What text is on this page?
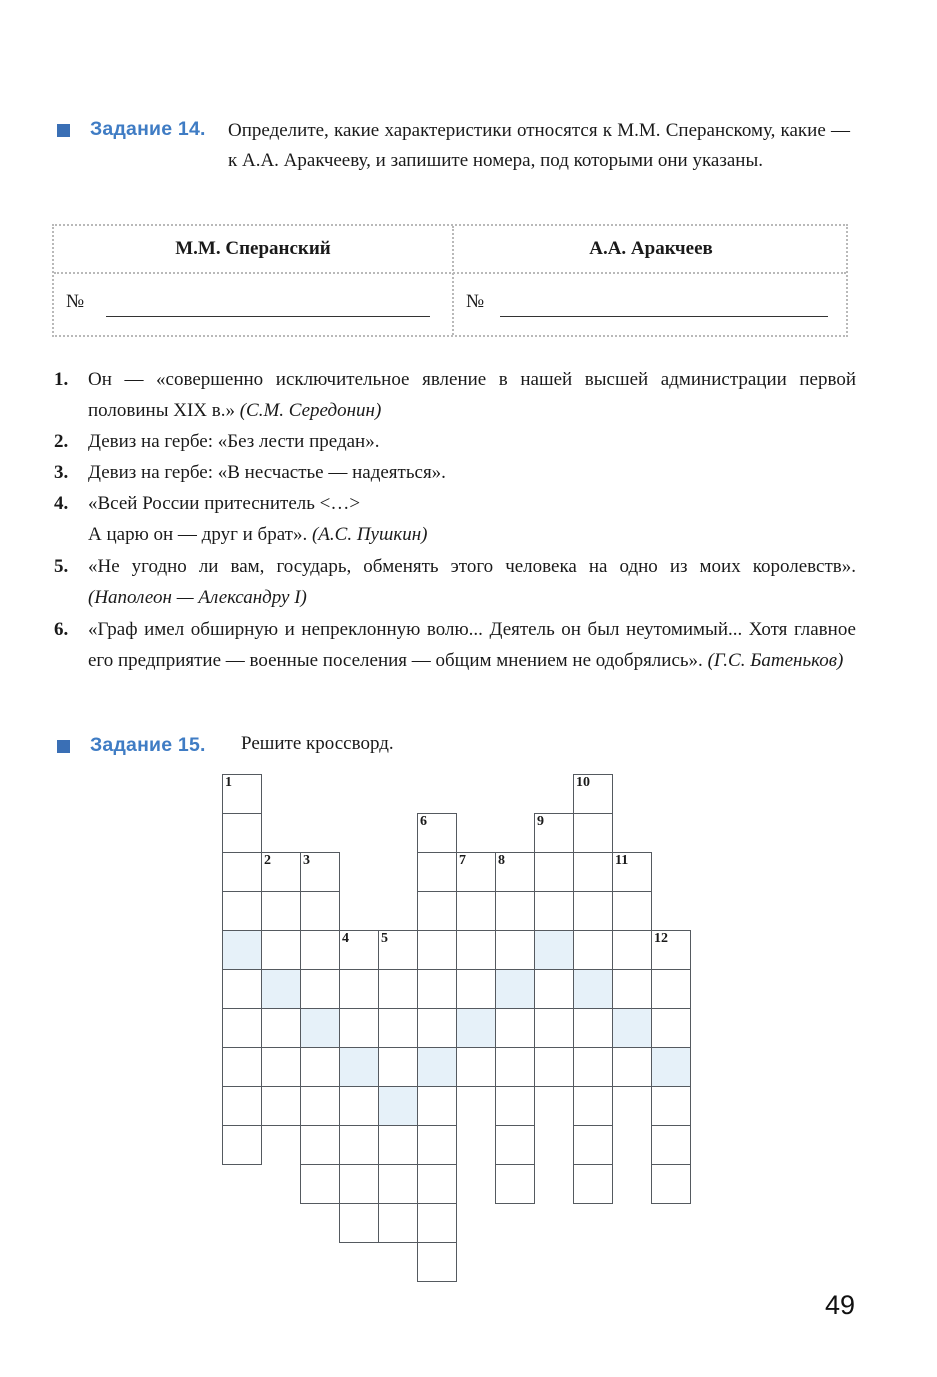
Задание 14. Определите, какие характеристики относятся к М.М. Сперанскому, какие — к А.А. Аракчееву, и запишите номера, под которыми они указаны.
М.М. Сперанский	А.А. Аракчеев
№	№
1. Он — «совершенно исключительное явление в нашей высшей администрации первой половины XIX в.» (С.М. Середонин)
2. Девиз на гербе: «Без лести предан».
3. Девиз на гербе: «В несчастье — надеяться».
4. «Всей России притеснитель <…>
А царю он — друг и брат». (А.С. Пушкин)
5. «Не угодно ли вам, государь, обменять этого человека на одно из моих королевств». (Наполеон — Александру I)
6. «Граф имел обширную и непреклонную волю... Деятель он был неутомимый... Хотя главное его предприятие — военные поселения — общим мнением не одобрялись». (Г.С. Батеньков)
Задание 15. Решите кроссворд.
1
2 3
4 5
6
7 8
9
10
11
12
49
